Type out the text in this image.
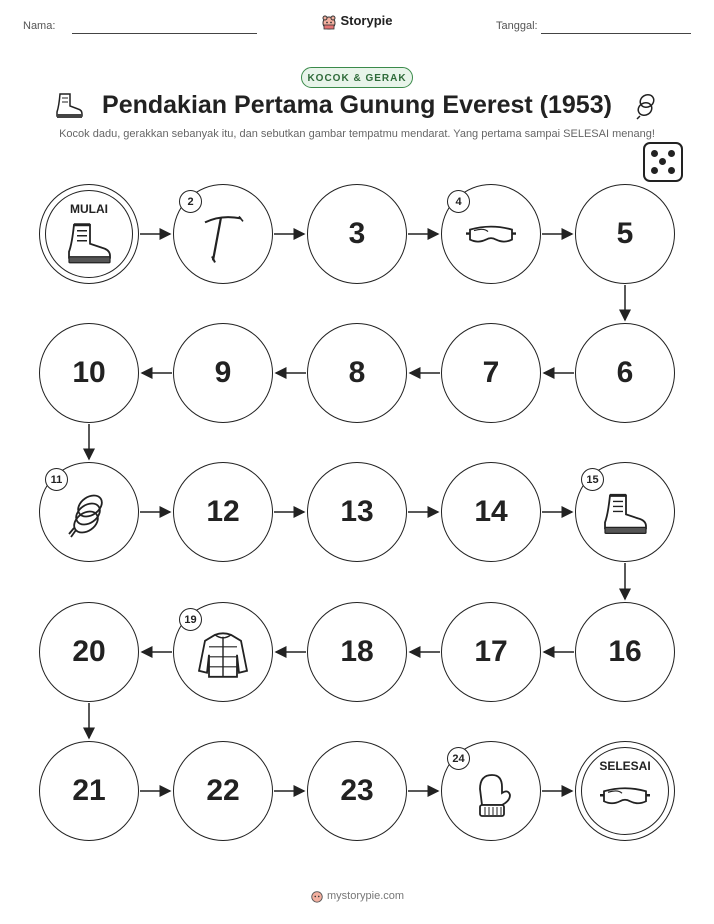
Nama:	Storypie	Tanggal:
KOCOK & GERAK
Pendakian Pertama Gunung Everest (1953)
Kocok dadu, gerakkan sebanyak itu, dan sebutkan gambar tempatmu mendarat. Yang pertama sampai SELESAI menang!
MULAI
2
3
4
5
6
7
8
9
10
11
12	13	14
15
16
17
18
19
20
21	22	23
24
SELESAI
mystorypie.com
